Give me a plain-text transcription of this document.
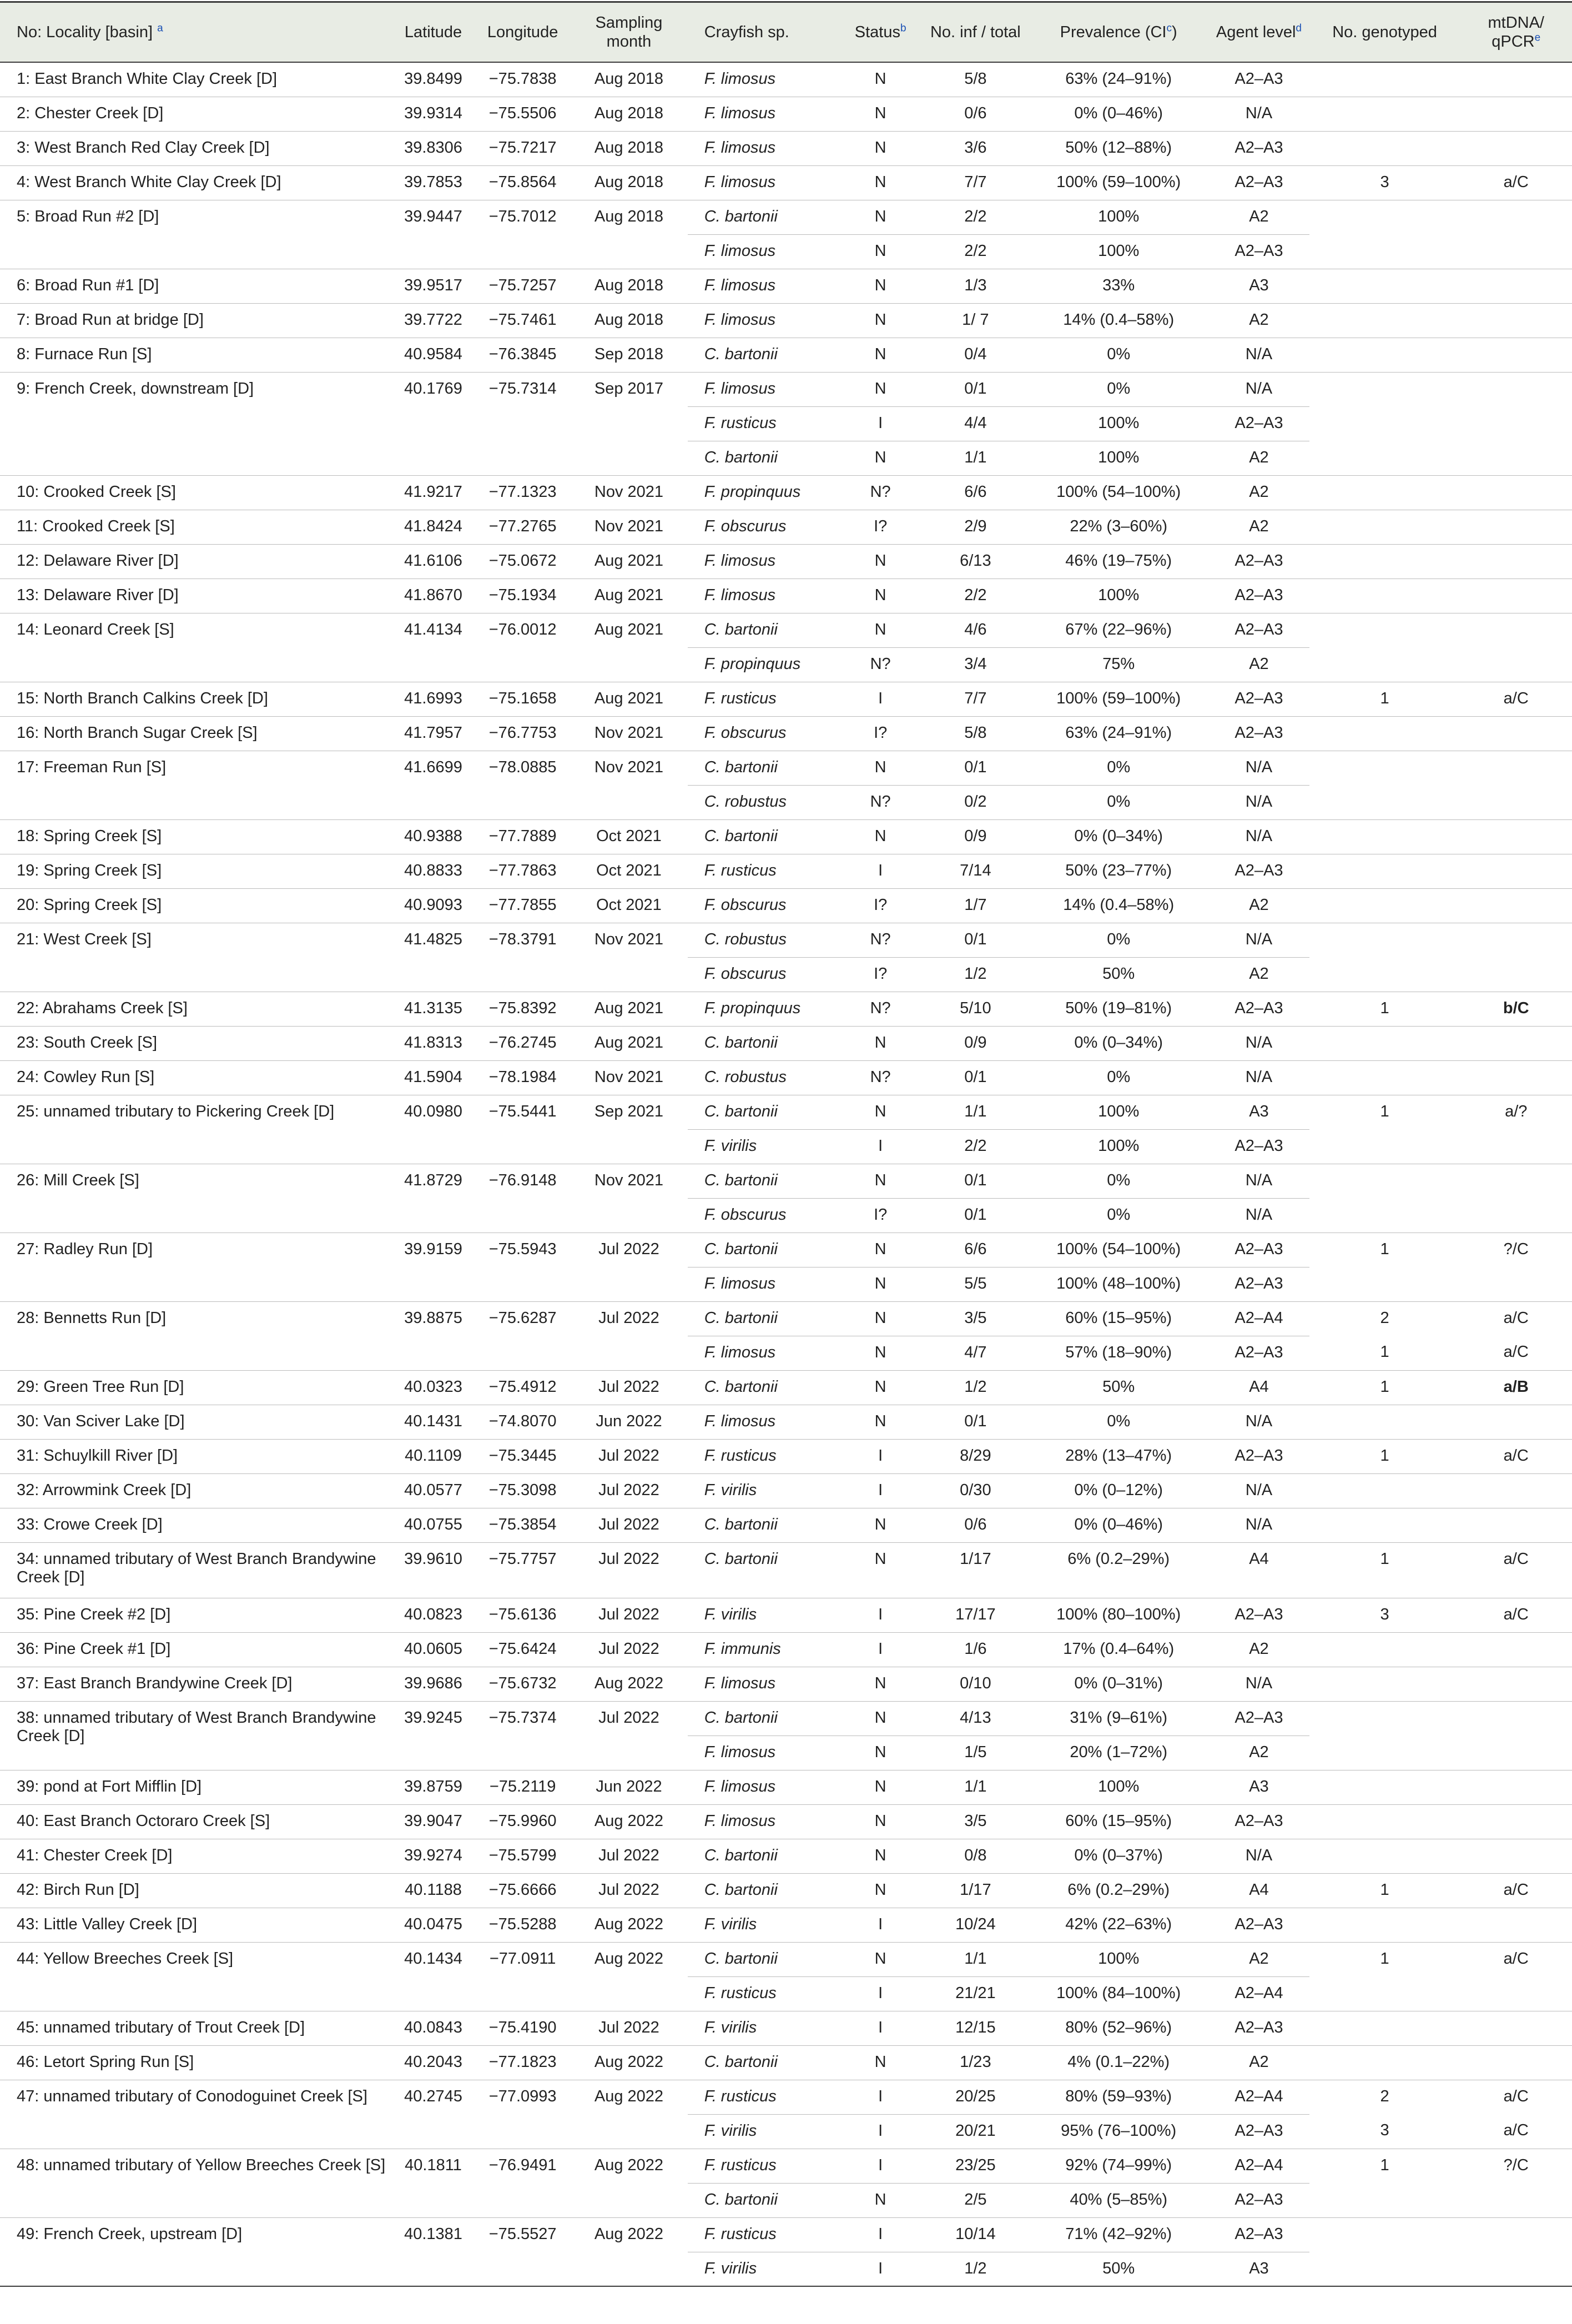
No: Locality [basin] $^a$	Latitude	Longitude	Sampling month	Crayfish sp.	Status$^b$	No. inf / total	Prevalence $(CI^c)$	Agent level$^d$	No. genotyped	mtDNA/ qPCR$^e$
1: East Branch White Clay Creek [D]	39.8499	−75.7838	Aug 2018	F. limosus	N	5/8	63% (24–91%)	A2–A3		
2: Chester Creek [D]	39.9314	−75.5506	Aug 2018	F. limosus	N	0/6	0% (0–46%)	N/A		
3: West Branch Red Clay Creek [D]	39.8306	−75.7217	Aug 2018	F. limosus	N	3/6	50% (12–88%)	A2–A3		
4: West Branch White Clay Creek [D]	39.7853	−75.8564	Aug 2018	F. limosus	N	7/7	100% (59–100%)	A2–A3	3	a/C
5: Broad Run #2 [D]	39.9447	−75.7012	Aug 2018	C. bartonii	N	2/2	100%	A2		
				F. limosus	N	2/2	100%	A2–A3		
6: Broad Run #1 [D]	39.9517	−75.7257	Aug 2018	F. limosus	N	1/3	33%	A3		
7: Broad Run at bridge [D]	39.7722	−75.7461	Aug 2018	F. limosus	N	1/ 7	14% (0.4–58%)	A2		
8: Furnace Run [S]	40.9584	−76.3845	Sep 2018	C. bartonii	N	0/4	0%	N/A		
9: French Creek, downstream [D]	40.1769	−75.7314	Sep 2017	F. limosus	N	0/1	0%	N/A		
				F. rusticus	I	4/4	100%	A2–A3		
				C. bartonii	N	1/1	100%	A2		
10: Crooked Creek [S]	41.9217	−77.1323	Nov 2021	F. propinquus	N?	6/6	100% (54–100%)	A2		
11: Crooked Creek [S]	41.8424	−77.2765	Nov 2021	F. obscurus	I?	2/9	22% (3–60%)	A2		
12: Delaware River [D]	41.6106	−75.0672	Aug 2021	F. limosus	N	6/13	46% (19–75%)	A2–A3		
13: Delaware River [D]	41.8670	−75.1934	Aug 2021	F. limosus	N	2/2	100%	A2–A3		
14: Leonard Creek [S]	41.4134	−76.0012	Aug 2021	C. bartonii	N	4/6	67% (22–96%)	A2–A3		
				F. propinquus	N?	3/4	75%	A2		
15: North Branch Calkins Creek [D]	41.6993	−75.1658	Aug 2021	F. rusticus	I	7/7	100% (59–100%)	A2–A3	1	a/C
16: North Branch Sugar Creek [S]	41.7957	−76.7753	Nov 2021	F. obscurus	I?	5/8	63% (24–91%)	A2–A3		
17: Freeman Run [S]	41.6699	−78.0885	Nov 2021	C. bartonii	N	0/1	0%	N/A		
				C. robustus	N?	0/2	0%	N/A		
18: Spring Creek [S]	40.9388	−77.7889	Oct 2021	C. bartonii	N	0/9	0% (0–34%)	N/A		
19: Spring Creek [S]	40.8833	−77.7863	Oct 2021	F. rusticus	I	7/14	50% (23–77%)	A2–A3		
20: Spring Creek [S]	40.9093	−77.7855	Oct 2021	F. obscurus	I?	1/7	14% (0.4–58%)	A2		
21: West Creek [S]	41.4825	−78.3791	Nov 2021	C. robustus	N?	0/1	0%	N/A		
				F. obscurus	I?	1/2	50%	A2		
22: Abrahams Creek [S]	41.3135	−75.8392	Aug 2021	F. propinquus	N?	5/10	50% (19–81%)	A2–A3	1	b/C
23: South Creek [S]	41.8313	−76.2745	Aug 2021	C. bartonii	N	0/9	0% (0–34%)	N/A		
24: Cowley Run [S]	41.5904	−78.1984	Nov 2021	C. robustus	N?	0/1	0%	N/A		
25: unnamed tributary to Pickering Creek [D]	40.0980	−75.5441	Sep 2021	C. bartonii	N	1/1	100%	A3	1	a/?
				F. virilis	I	2/2	100%	A2–A3		
26: Mill Creek [S]	41.8729	−76.9148	Nov 2021	C. bartonii	N	0/1	0%	N/A		
				F. obscurus	I?	0/1	0%	N/A		
27: Radley Run [D]	39.9159	−75.5943	Jul 2022	C. bartonii	N	6/6	100% (54–100%)	A2–A3	1	?/C
				F. limosus	N	5/5	100% (48–100%)	A2–A3		
28: Bennetts Run [D]	39.8875	−75.6287	Jul 2022	C. bartonii	N	3/5	60% (15–95%)	A2–A4	2	a/C
				F. limosus	N	4/7	57% (18–90%)	A2–A3	1	a/C
29: Green Tree Run [D]	40.0323	−75.4912	Jul 2022	C. bartonii	N	1/2	50%	A4	1	a/B
30: Van Sciver Lake [D]	40.1431	−74.8070	Jun 2022	F. limosus	N	0/1	0%	N/A		
31: Schuylkill River [D]	40.1109	−75.3445	Jul 2022	F. rusticus	I	8/29	28% (13–47%)	A2–A3	1	a/C
32: Arrowmink Creek [D]	40.0577	−75.3098	Jul 2022	F. virilis	I	0/30	0% (0–12%)	N/A		
33: Crowe Creek [D]	40.0755	−75.3854	Jul 2022	C. bartonii	N	0/6	0% (0–46%)	N/A		
34: unnamed tributary of West Branch Brandywine Creek [D]	39.9610	−75.7757	Jul 2022	C. bartonii	N	1/17	6% (0.2–29%)	A4	1	a/C
35: Pine Creek #2 [D]	40.0823	−75.6136	Jul 2022	F. virilis	I	17/17	100% (80–100%)	A2–A3	3	a/C
36: Pine Creek #1 [D]	40.0605	−75.6424	Jul 2022	F. immunis	I	1/6	17% (0.4–64%)	A2		
37: East Branch Brandywine Creek [D]	39.9686	−75.6732	Aug 2022	F. limosus	N	0/10	0% (0–31%)	N/A		
38: unnamed tributary of West Branch Brandywine Creek [D]	39.9245	−75.7374	Jul 2022	C. bartonii	N	4/13	31% (9–61%)	A2–A3		
				F. limosus	N	1/5	20% (1–72%)	A2		
39: pond at Fort Mifflin [D]	39.8759	−75.2119	Jun 2022	F. limosus	N	1/1	100%	A3		
40: East Branch Octoraro Creek [S]	39.9047	−75.9960	Aug 2022	F. limosus	N	3/5	60% (15–95%)	A2–A3		
41: Chester Creek [D]	39.9274	−75.5799	Jul 2022	C. bartonii	N	0/8	0% (0–37%)	N/A		
42: Birch Run [D]	40.1188	−75.6666	Jul 2022	C. bartonii	N	1/17	6% (0.2–29%)	A4	1	a/C
43: Little Valley Creek [D]	40.0475	−75.5288	Aug 2022	F. virilis	I	10/24	42% (22–63%)	A2–A3		
44: Yellow Breeches Creek [S]	40.1434	−77.0911	Aug 2022	C. bartonii	N	1/1	100%	A2	1	a/C
				F. rusticus	I	21/21	100% (84–100%)	A2–A4		
45: unnamed tributary of Trout Creek [D]	40.0843	−75.4190	Jul 2022	F. virilis	I	12/15	80% (52–96%)	A2–A3		
46: Letort Spring Run [S]	40.2043	−77.1823	Aug 2022	C. bartonii	N	1/23	4% (0.1–22%)	A2		
47: unnamed tributary of Conodoguinet Creek [S]	40.2745	−77.0993	Aug 2022	F. rusticus	I	20/25	80% (59–93%)	A2–A4	2	a/C
				F. virilis	I	20/21	95% (76–100%)	A2–A3	3	a/C
48: unnamed tributary of Yellow Breeches Creek [S]	40.1811	−76.9491	Aug 2022	F. rusticus	I	23/25	92% (74–99%)	A2–A4	1	?/C
				C. bartonii	N	2/5	40% (5–85%)	A2–A3		
49: French Creek, upstream [D]	40.1381	−75.5527	Aug 2022	F. rusticus	I	10/14	71% (42–92%)	A2–A3		
				F. virilis	I	1/2	50%	A3		
